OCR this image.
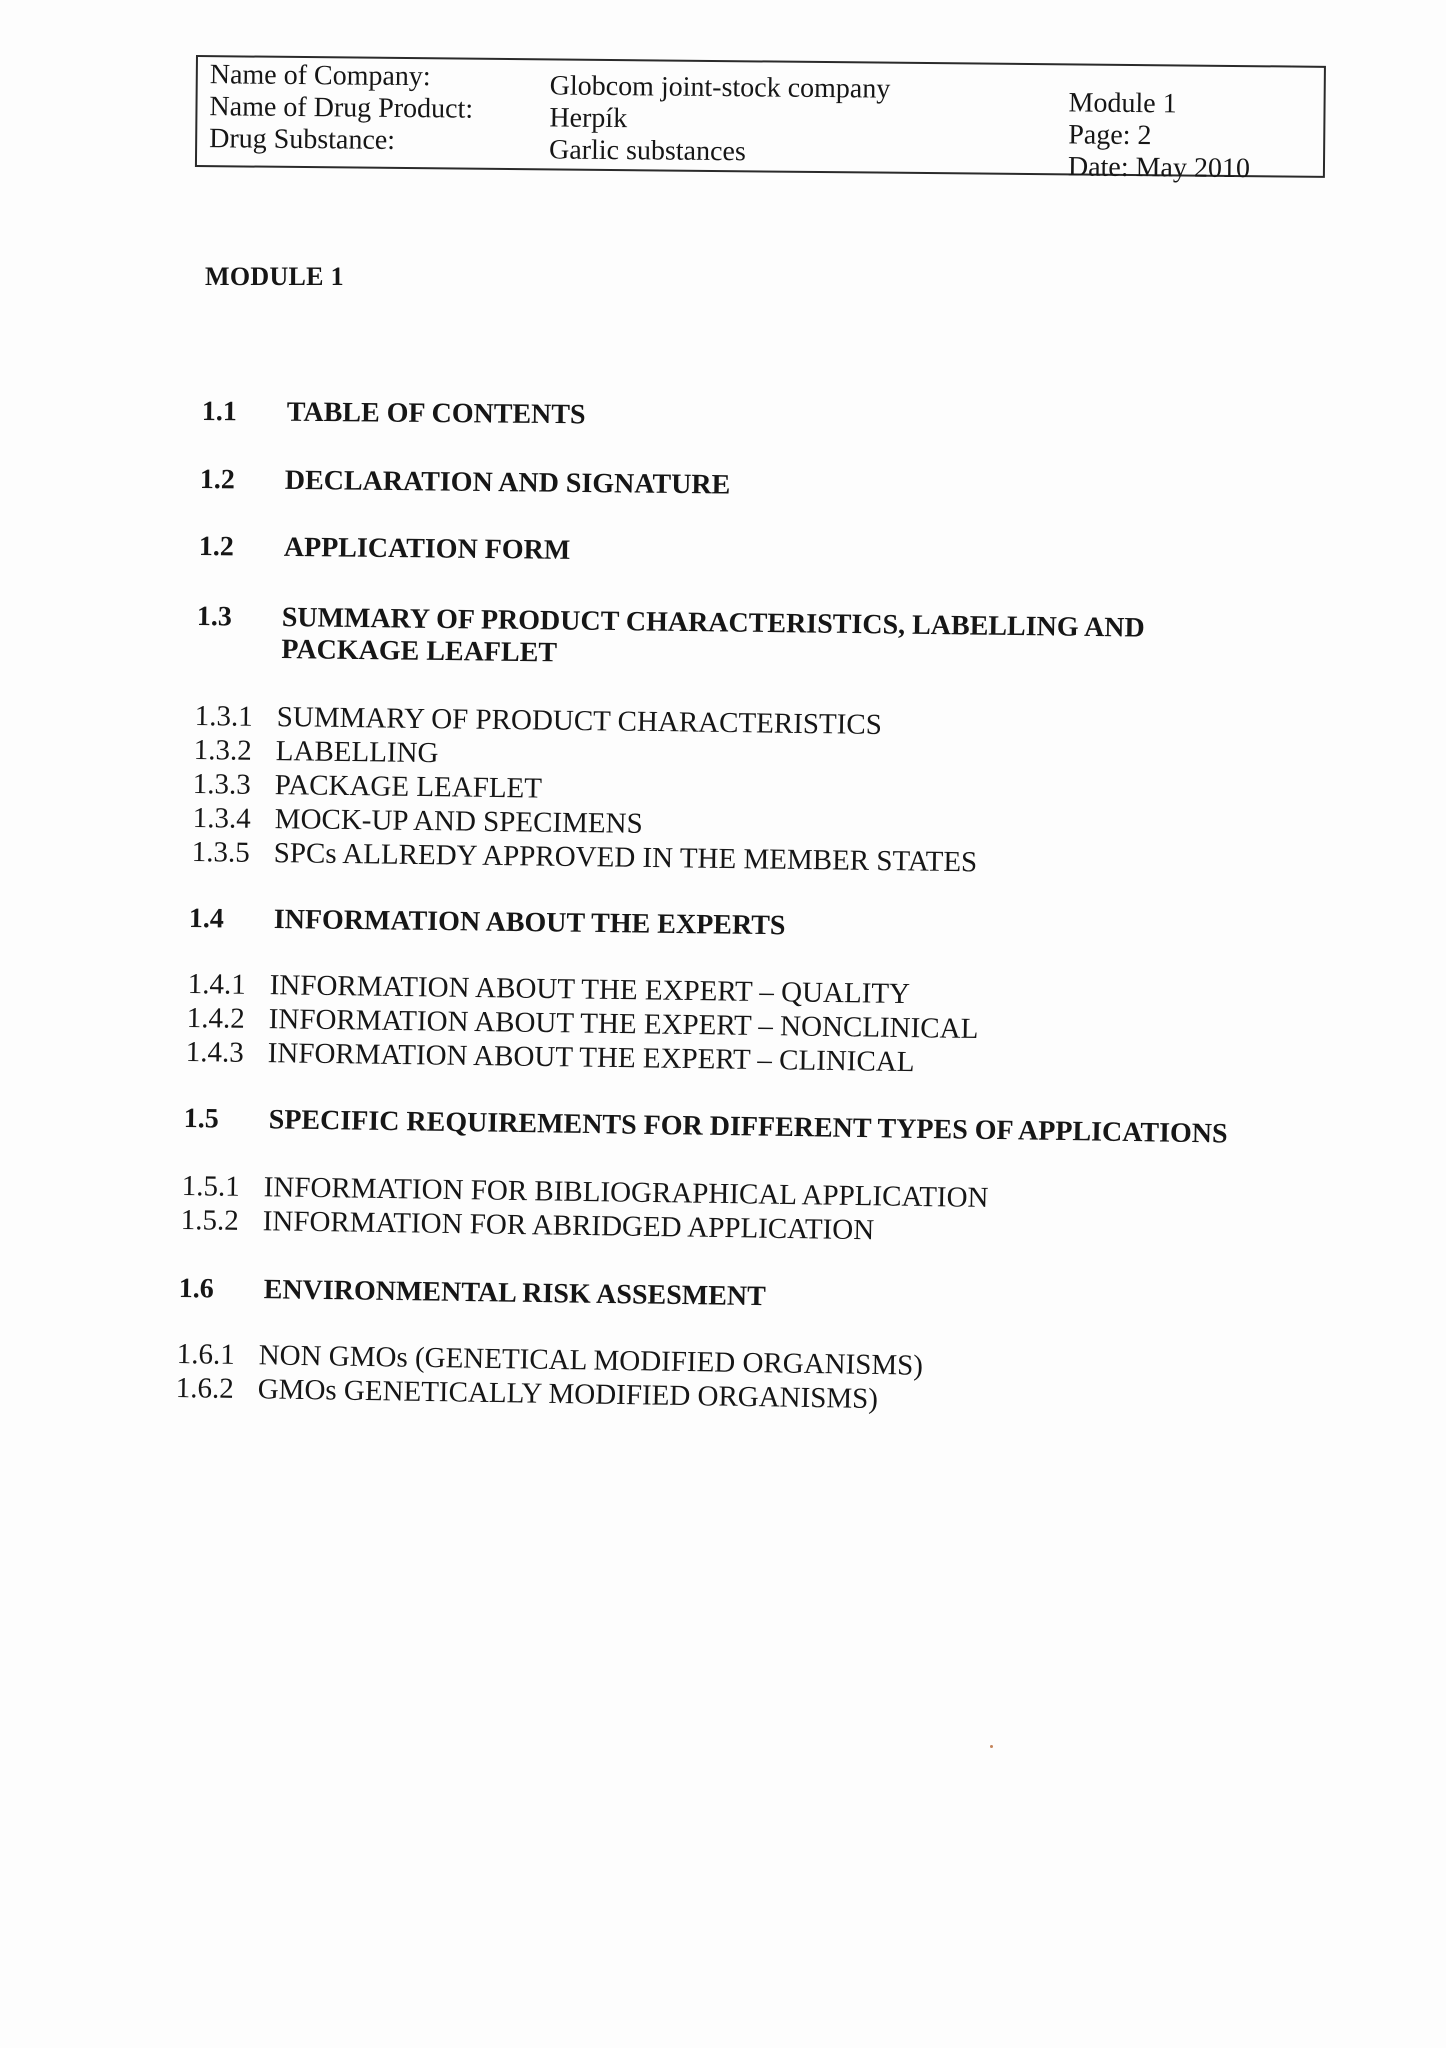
Name of Company:
Name of Drug Product:
Drug Substance:
Globcom joint-stock company
Herpík
Garlic substances
Module 1
Page: 2
Date: May 2010
MODULE 1
1.1 TABLE OF CONTENTS
1.2 DECLARATION AND SIGNATURE
1.2 APPLICATION FORM
1.3 SUMMARY OF PRODUCT CHARACTERISTICS, LABELLING AND
PACKAGE LEAFLET
1.3.1 SUMMARY OF PRODUCT CHARACTERISTICS
1.3.2 LABELLING
1.3.3 PACKAGE LEAFLET
1.3.4 MOCK-UP AND SPECIMENS
1.3.5 SPCs ALLREDY APPROVED IN THE MEMBER STATES
1.4 INFORMATION ABOUT THE EXPERTS
1.4.1 INFORMATION ABOUT THE EXPERT – QUALITY
1.4.2 INFORMATION ABOUT THE EXPERT – NONCLINICAL
1.4.3 INFORMATION ABOUT THE EXPERT – CLINICAL
1.5 SPECIFIC REQUIREMENTS FOR DIFFERENT TYPES OF APPLICATIONS
1.5.1 INFORMATION FOR BIBLIOGRAPHICAL APPLICATION
1.5.2 INFORMATION FOR ABRIDGED APPLICATION
1.6 ENVIRONMENTAL RISK ASSESMENT
1.6.1 NON GMOs (GENETICAL MODIFIED ORGANISMS)
1.6.2 GMOs GENETICALLY MODIFIED ORGANISMS)
